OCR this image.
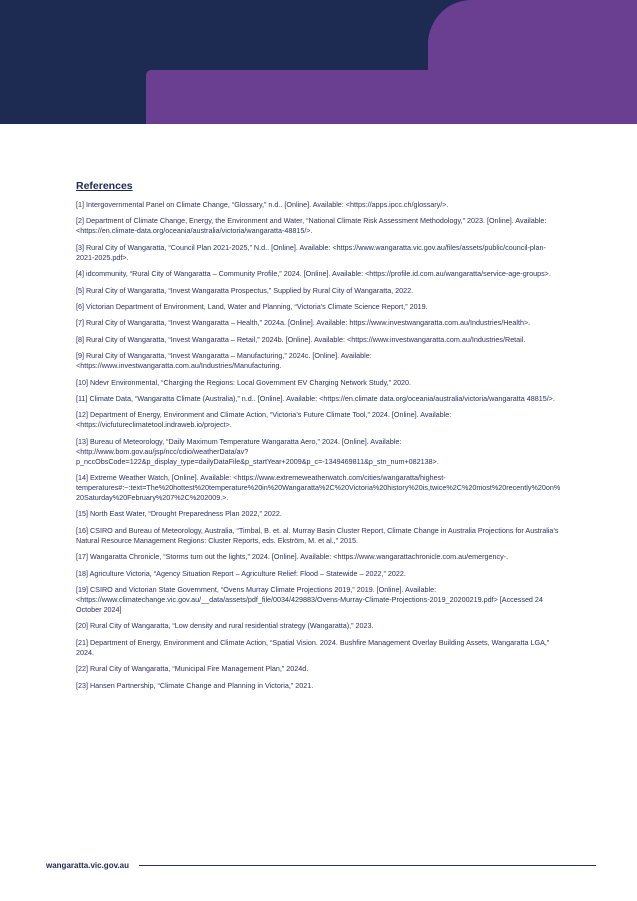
References
[1] Intergovernmental Panel on Climate Change, “Glossary,” n.d.. [Online]. Available: <https://apps.ipcc.ch/glossary/>.
[2] Department of Climate Change, Energy, the Environment and Water, “National Climate Risk Assessment Methodology,” 2023. [Online]. Available: <https://en.climate-data.org/oceania/australia/victoria/wangaratta-48815/>.
[3] Rural City of Wangaratta, “Council Plan 2021-2025,” N.d.. [Online]. Available: <https://www.wangaratta.vic.gov.au/files/assets/public/council-plan-2021-2025.pdf>.
[4] idcommunity, “Rural City of Wangaratta – Community Profile,” 2024. [Online]. Available: <https://profile.id.com.au/wangaratta/service-age-groups>.
[5] Rural City of Wangaratta, “Invest Wangaratta Prospectus,” Supplied by Rural City of Wangaratta, 2022.
[6] Victorian Department of Environment, Land, Water and Planning, “Victoria's Climate Science Report,” 2019.
[7] Rural City of Wangaratta, “Invest Wangaratta – Health,” 2024a. [Online]. Available: https://www.investwangaratta.com.au/Industries/Health>.
[8] Rural City of Wangaratta, “Invest Wangaratta – Retail,” 2024b. [Online]. Available: <https://www.investwangaratta.com.au/Industries/Retail.
[9] Rural City of Wangaratta, “Invest Wangaratta – Manufacturing,” 2024c. [Online]. Available: <https://www.investwangaratta.com.au/Industries/Manufacturing.
[10] Ndevr Environmental, “Charging the Regions: Local Government EV Charging Network Study,” 2020.
[11] Climate Data, “Wangaratta Climate (Australia),” n.d.. [Online]. Available: <https://en.climate data.org/oceania/australia/victoria/wangaratta 48815/>.
[12] Department of Energy, Environment and Climate Action, “Victoria’s Future Climate Tool,” 2024. [Online]. Available: <https://vicfutureclimatetool.indraweb.io/project>.
[13] Bureau of Meteorology, “Daily Maximum Temperature Wangaratta Aero,” 2024. [Online]. Available: <http://www.bom.gov.au/jsp/ncc/cdio/weatherData/av?p_nccObsCode=122&p_display_type=dailyDataFile&p_startYear+2009&p_c=-1349469811&p_stn_num+082138>.
[14] Extreme Weather Watch, [Online]. Available: <https://www.extremeweatherwatch.com/cities/wangaratta/highest-temperatures#:~:text=The%20hottest%20temperature%20in%20Wangaratta%2C%20Victoria%20history%20is,twice%2C%20most%20recently%20on%20Saturday%20February%207%2C%202009.>.
[15] North East Water, “Drought Preparedness Plan 2022,” 2022.
[16] CSIRO and Bureau of Meteorology, Australia, “Timbal, B. et. al. Murray Basin Cluster Report, Climate Change in Australia Projections for Australia’s Natural Resource Management Regions: Cluster Reports, eds. Ekström, M. et al.,” 2015.
[17] Wangaratta Chronicle, “Storms turn out the lights,” 2024. [Online]. Available: <https://www.wangarattachronicle.com.au/emergency-.
[18] Agriculture Victoria, “Agency Situation Report – Agriculture Relief: Flood – Statewide – 2022,” 2022.
[19] CSIRO and Victorian State Government, “Ovens Murray Climate Projections 2019,” 2019. [Online]. Available: <https://www.climatechange.vic.gov.au/__data/assets/pdf_file/0034/429883/Ovens-Murray-Climate-Projections-2019_20200219.pdf> [Accessed 24 October 2024]
[20] Rural City of Wangaratta, “Low density and rural residential strategy (Wangaratta),” 2023.
[21] Department of Energy, Environment and Climate Action, “Spatial Vision. 2024. Bushfire Management Overlay Building Assets, Wangaratta LGA,” 2024.
[22] Rural City of Wangaratta, “Municipal Fire Management Plan,” 2024d.
[23] Hansen Partnership, “Climate Change and Planning in Victoria,” 2021.
wangaratta.vic.gov.au
